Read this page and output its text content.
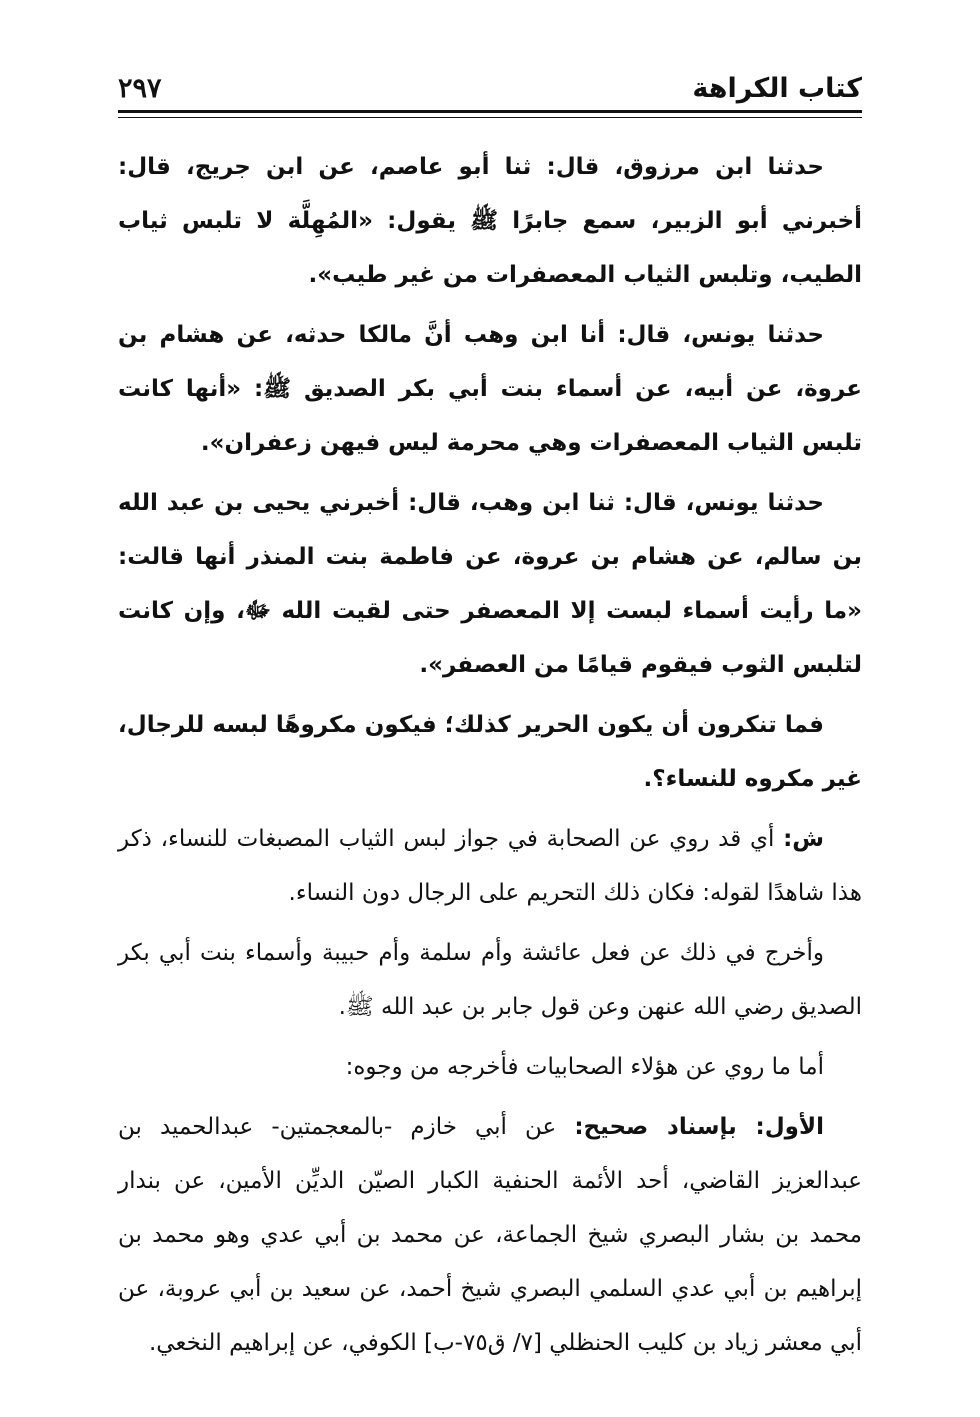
كتاب الكراهة
٢٩٧

حدثنا ابن مرزوق، قال: ثنا أبو عاصم، عن ابن جريج، قال: أخبرني أبو الزبير، سمع جابرًا ﷺ يقول: «المُهِلَّة لا تلبس ثياب الطيب، وتلبس الثياب المعصفرات من غير طيب».

حدثنا يونس، قال: أنا ابن وهب أنَّ مالكا حدثه، عن هشام بن عروة، عن أبيه، عن أسماء بنت أبي بكر الصديق ﷺ: «أنها كانت تلبس الثياب المعصفرات وهي محرمة ليس فيهن زعفران».

حدثنا يونس، قال: ثنا ابن وهب، قال: أخبرني يحيى بن عبد الله بن سالم، عن هشام بن عروة، عن فاطمة بنت المنذر أنها قالت: «ما رأيت أسماء لبست إلا المعصفر حتى لقيت الله ﷻ، وإن كانت لتلبس الثوب فيقوم قيامًا من العصفر».

فما تنكرون أن يكون الحرير كذلك؛ فيكون مكروهًا لبسه للرجال، غير مكروه للنساء؟.

ش: أي قد روي عن الصحابة في جواز لبس الثياب المصبغات للنساء، ذكر هذا شاهدًا لقوله: فكان ذلك التحريم على الرجال دون النساء.

وأخرج في ذلك عن فعل عائشة وأم سلمة وأم حبيبة وأسماء بنت أبي بكر الصديق رضي الله عنهن وعن قول جابر بن عبد الله ﷺ.

أما ما روي عن هؤلاء الصحابيات فأخرجه من وجوه:

الأول: بإسناد صحيح: عن أبي خازم -بالمعجمتين- عبدالحميد بن عبدالعزيز القاضي، أحد الأئمة الحنفية الكبار الصيّن الديِّن الأمين، عن بندار محمد بن بشار البصري شيخ الجماعة، عن محمد بن أبي عدي وهو محمد بن إبراهيم بن أبي عدي السلمي البصري شيخ أحمد، عن سعيد بن أبي عروبة، عن أبي معشر زياد بن كليب الحنظلي [٧/ ق٧٥-ب] الكوفي، عن إبراهيم النخعي.
